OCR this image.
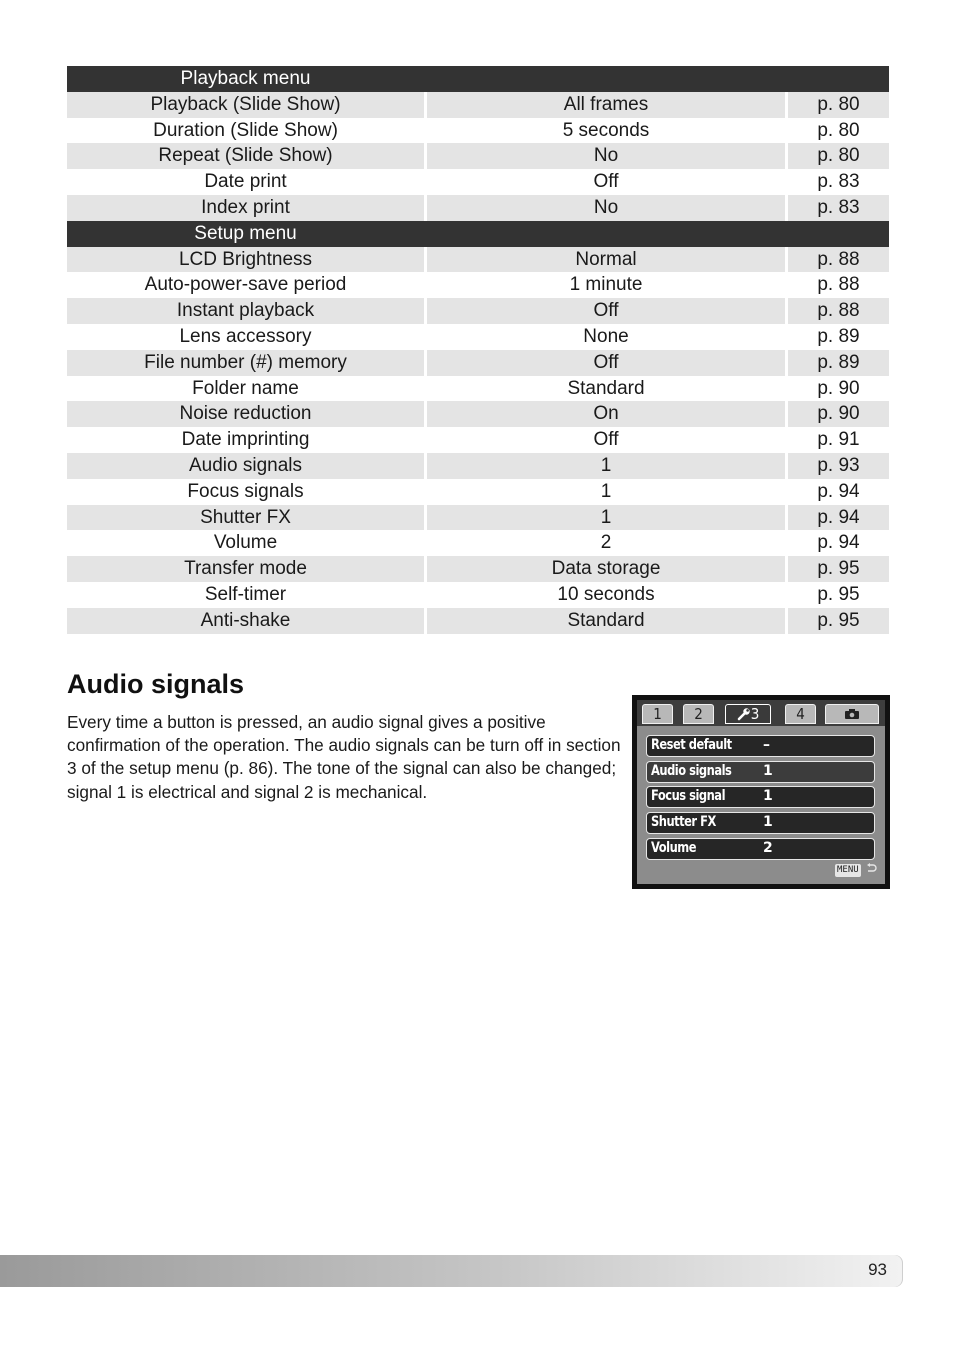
Playback menu
Playback (Slide Show)	All frames	p. 80
Duration (Slide Show)	5 seconds	p. 80
Repeat (Slide Show)	No	p. 80
Date print	Off	p. 83
Index print	No	p. 83
Setup menu
LCD Brightness	Normal	p. 88
Auto-power-save period	1 minute	p. 88
Instant playback	Off	p. 88
Lens accessory	None	p. 89
File number (#) memory	Off	p. 89
Folder name	Standard	p. 90
Noise reduction	On	p. 90
Date imprinting	Off	p. 91
Audio signals	1	p. 93
Focus signals	1	p. 94
Shutter FX	1	p. 94
Volume	2	p. 94
Transfer mode	Data storage	p. 95
Self-timer	10 seconds	p. 95
Anti-shake	Standard	p. 95
Audio signals

Every time a button is pressed, an audio signal gives a positive confirmation of the operation. The audio signals can be turn off in section 3 of the setup menu (p. 86). The tone of the signal can also be changed; signal 1 is electrical and signal 2 is mechanical.

1	2	3	4
Reset default –
Audio signals 1
Focus signal	1
Shutter FX	1
Volume	2
MENU
93
